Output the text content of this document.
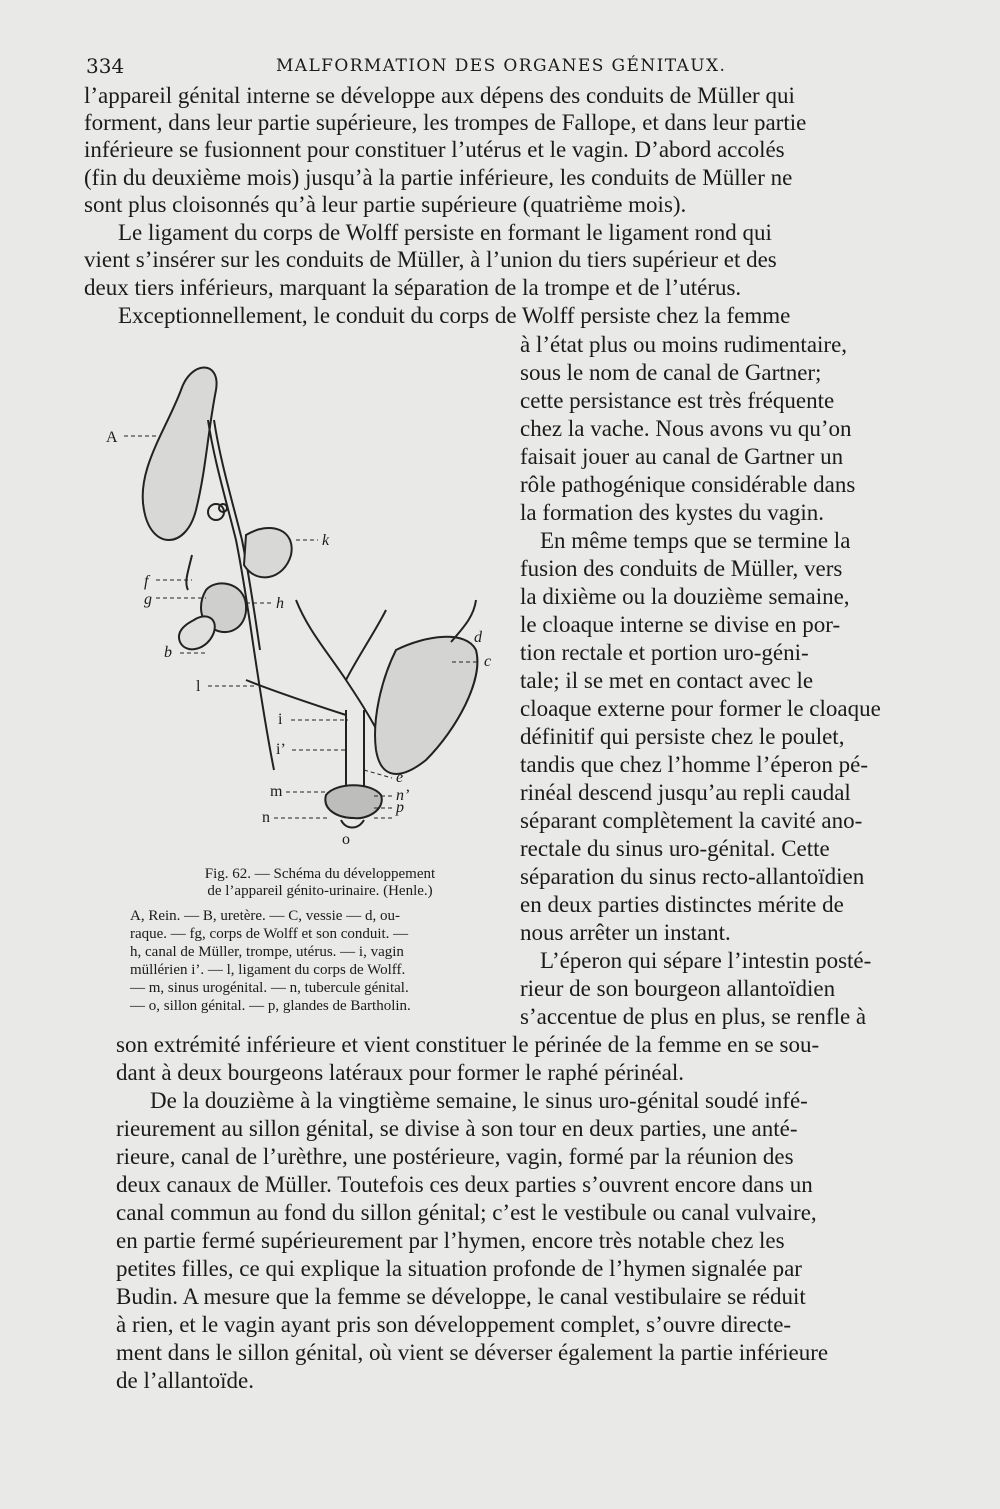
334	MALFORMATION DES ORGANES GÉNITAUX.
l’appareil génital interne se développe aux dépens des conduits de Müller qui
forment, dans leur partie supérieure, les trompes de Fallope, et dans leur partie
inférieure se fusionnent pour constituer l’utérus et le vagin. D’abord accolés
(fin du deuxième mois) jusqu’à la partie inférieure, les conduits de Müller ne
sont plus cloisonnés qu’à leur partie supérieure (quatrième mois).
Le ligament du corps de Wolff persiste en formant le ligament rond qui
vient s’insérer sur les conduits de Müller, à l’union du tiers supérieur et des
deux tiers inférieurs, marquant la séparation de la trompe et de l’utérus.
Exceptionnellement, le conduit du corps de Wolff persiste chez la femme
à l’état plus ou moins rudimentaire,
sous le nom de canal de Gartner;
cette persistance est très fréquente
chez la vache. Nous avons vu qu’on
faisait jouer au canal de Gartner un
rôle pathogénique considérable dans
la formation des kystes du vagin.
En même temps que se termine la
fusion des conduits de Müller, vers
la dixième ou la douzième semaine,
le cloaque interne se divise en por-
tion rectale et portion uro-géni-
tale; il se met en contact avec le
cloaque externe pour former le cloaque
définitif qui persiste chez le poulet,
tandis que chez l’homme l’éperon pé-
rinéal descend jusqu’au repli caudal
séparant complètement la cavité ano-
rectale du sinus uro-génital. Cette
séparation du sinus recto-allantoïdien
en deux parties distinctes mérite de
nous arrêter un instant.
L’éperon qui sépare l’intestin posté-
rieur de son bourgeon allantoïdien
s’accentue de plus en plus, se renfle à
A
k
f
g	h
b
d
c
l
i
i’
m
n
e
n’
p
o
Fig. 62. — Schéma du développement
de l’appareil génito-urinaire. (Henle.)
A, Rein. — B, uretère. — C, vessie — d, ou-
raque. — fg, corps de Wolff et son conduit. —
h, canal de Müller, trompe, utérus. — i, vagin
müllérien i’. — l, ligament du corps de Wolff.
— m, sinus urogénital. — n, tubercule génital.
— o, sillon génital. — p, glandes de Bartholin.
son extrémité inférieure et vient constituer le périnée de la femme en se sou-
dant à deux bourgeons latéraux pour former le raphé périnéal.
De la douzième à la vingtième semaine, le sinus uro-génital soudé infé-
rieurement au sillon génital, se divise à son tour en deux parties, une anté-
rieure, canal de l’urèthre, une postérieure, vagin, formé par la réunion des
deux canaux de Müller. Toutefois ces deux parties s’ouvrent encore dans un
canal commun au fond du sillon génital; c’est le vestibule ou canal vulvaire,
en partie fermé supérieurement par l’hymen, encore très notable chez les
petites filles, ce qui explique la situation profonde de l’hymen signalée par
Budin. A mesure que la femme se développe, le canal vestibulaire se réduit
à rien, et le vagin ayant pris son développement complet, s’ouvre directe-
ment dans le sillon génital, où vient se déverser également la partie inférieure
de l’allantoïde.
